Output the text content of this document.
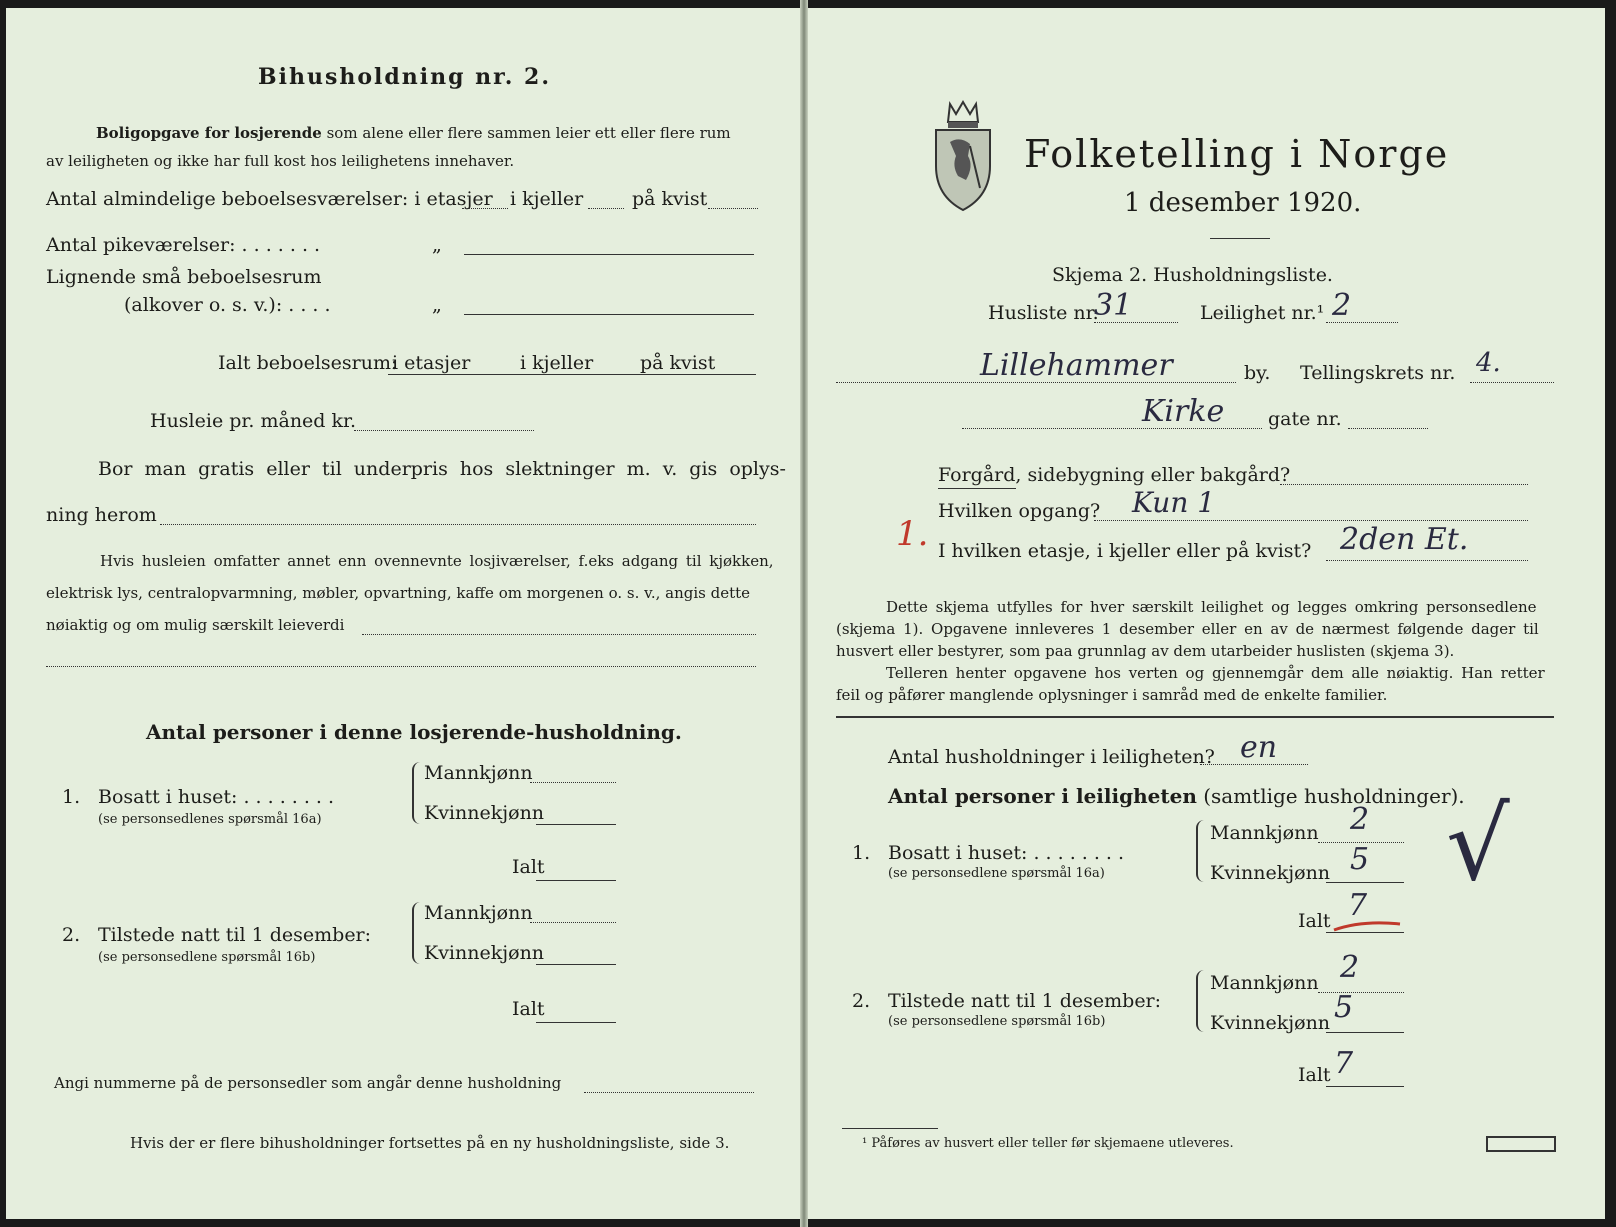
Bihusholdning nr. 2.
Boligopgave for losjerende som alene eller flere sammen leier ett eller flere rum
av leiligheten og ikke har full kost hos leilighetens innehaver.
Antal almindelige beboelsesværelser: i etasjer i kjeller	på kvist
Antal pikeværelser: . . . . . . .	„
Lignende små beboelsesrum
(alkover o. s. v.): . . . .	„
Ialt beboelsesrum:
i etasjer	i kjeller på kvist
Husleie pr. måned kr.
Bor man gratis eller til underpris hos slektninger m. v. gis oplys-
ning herom
Hvis husleien omfatter annet enn ovennevnte losjiværelser, f.eks adgang til kjøkken,
elektrisk lys, centralopvarmning, møbler, opvartning, kaffe om morgenen o. s. v., angis dette
nøiaktig og om mulig særskilt leieverdi
Antal personer i denne losjerende-husholdning.
1. Bosatt i huset: . . . . . . . .
(se personsedlenes spørsmål 16a)
Mannkjønn
Kvinnekjønn
Ialt
2. Tilstede natt til 1 desember:
(se personsedlene spørsmål 16b)
Mannkjønn
Kvinnekjønn
Ialt
Angi nummerne på de personsedler som angår denne husholdning
Hvis der er flere bihusholdninger fortsettes på en ny husholdningsliste, side 3.
Folketelling i Norge
1 desember 1920.
Skjema 2. Husholdningsliste.
Husliste nr.
31	Leilighet nr.¹ 2
Lillehammer	by. Tellingskrets nr. 4.
Kirke gate nr.
Forgård, sidebygning eller bakgård?
Hvilken opgang? Kun 1
1. I hvilken etasje, i kjeller eller på kvist? 2den Et.
Dette skjema utfylles for hver særskilt leilighet og legges omkring personsedlene
(skjema 1). Opgavene innleveres 1 desember eller en av de nærmest følgende dager til
husvert eller bestyrer, som paa grunnlag av dem utarbeider huslisten (skjema 3).
Telleren henter opgavene hos verten og gjennemgår dem alle nøiaktig. Han retter
feil og påfører manglende oplysninger i samråd med de enkelte familier.
Antal husholdninger i leiligheten? en
Antal personer i leiligheten (samtlige husholdninger).
1. Bosatt i huset: . . . . . . . .
(se personsedlene spørsmål 16a)
Mannkjønn 2
Kvinnekjønn 5
Ialt 7
√
2. Tilstede natt til 1 desember:
(se personsedlene spørsmål 16b)
Mannkjønn 2
Kvinnekjønn 5
Ialt 7
¹ Påføres av husvert eller teller før skjemaene utleveres.
